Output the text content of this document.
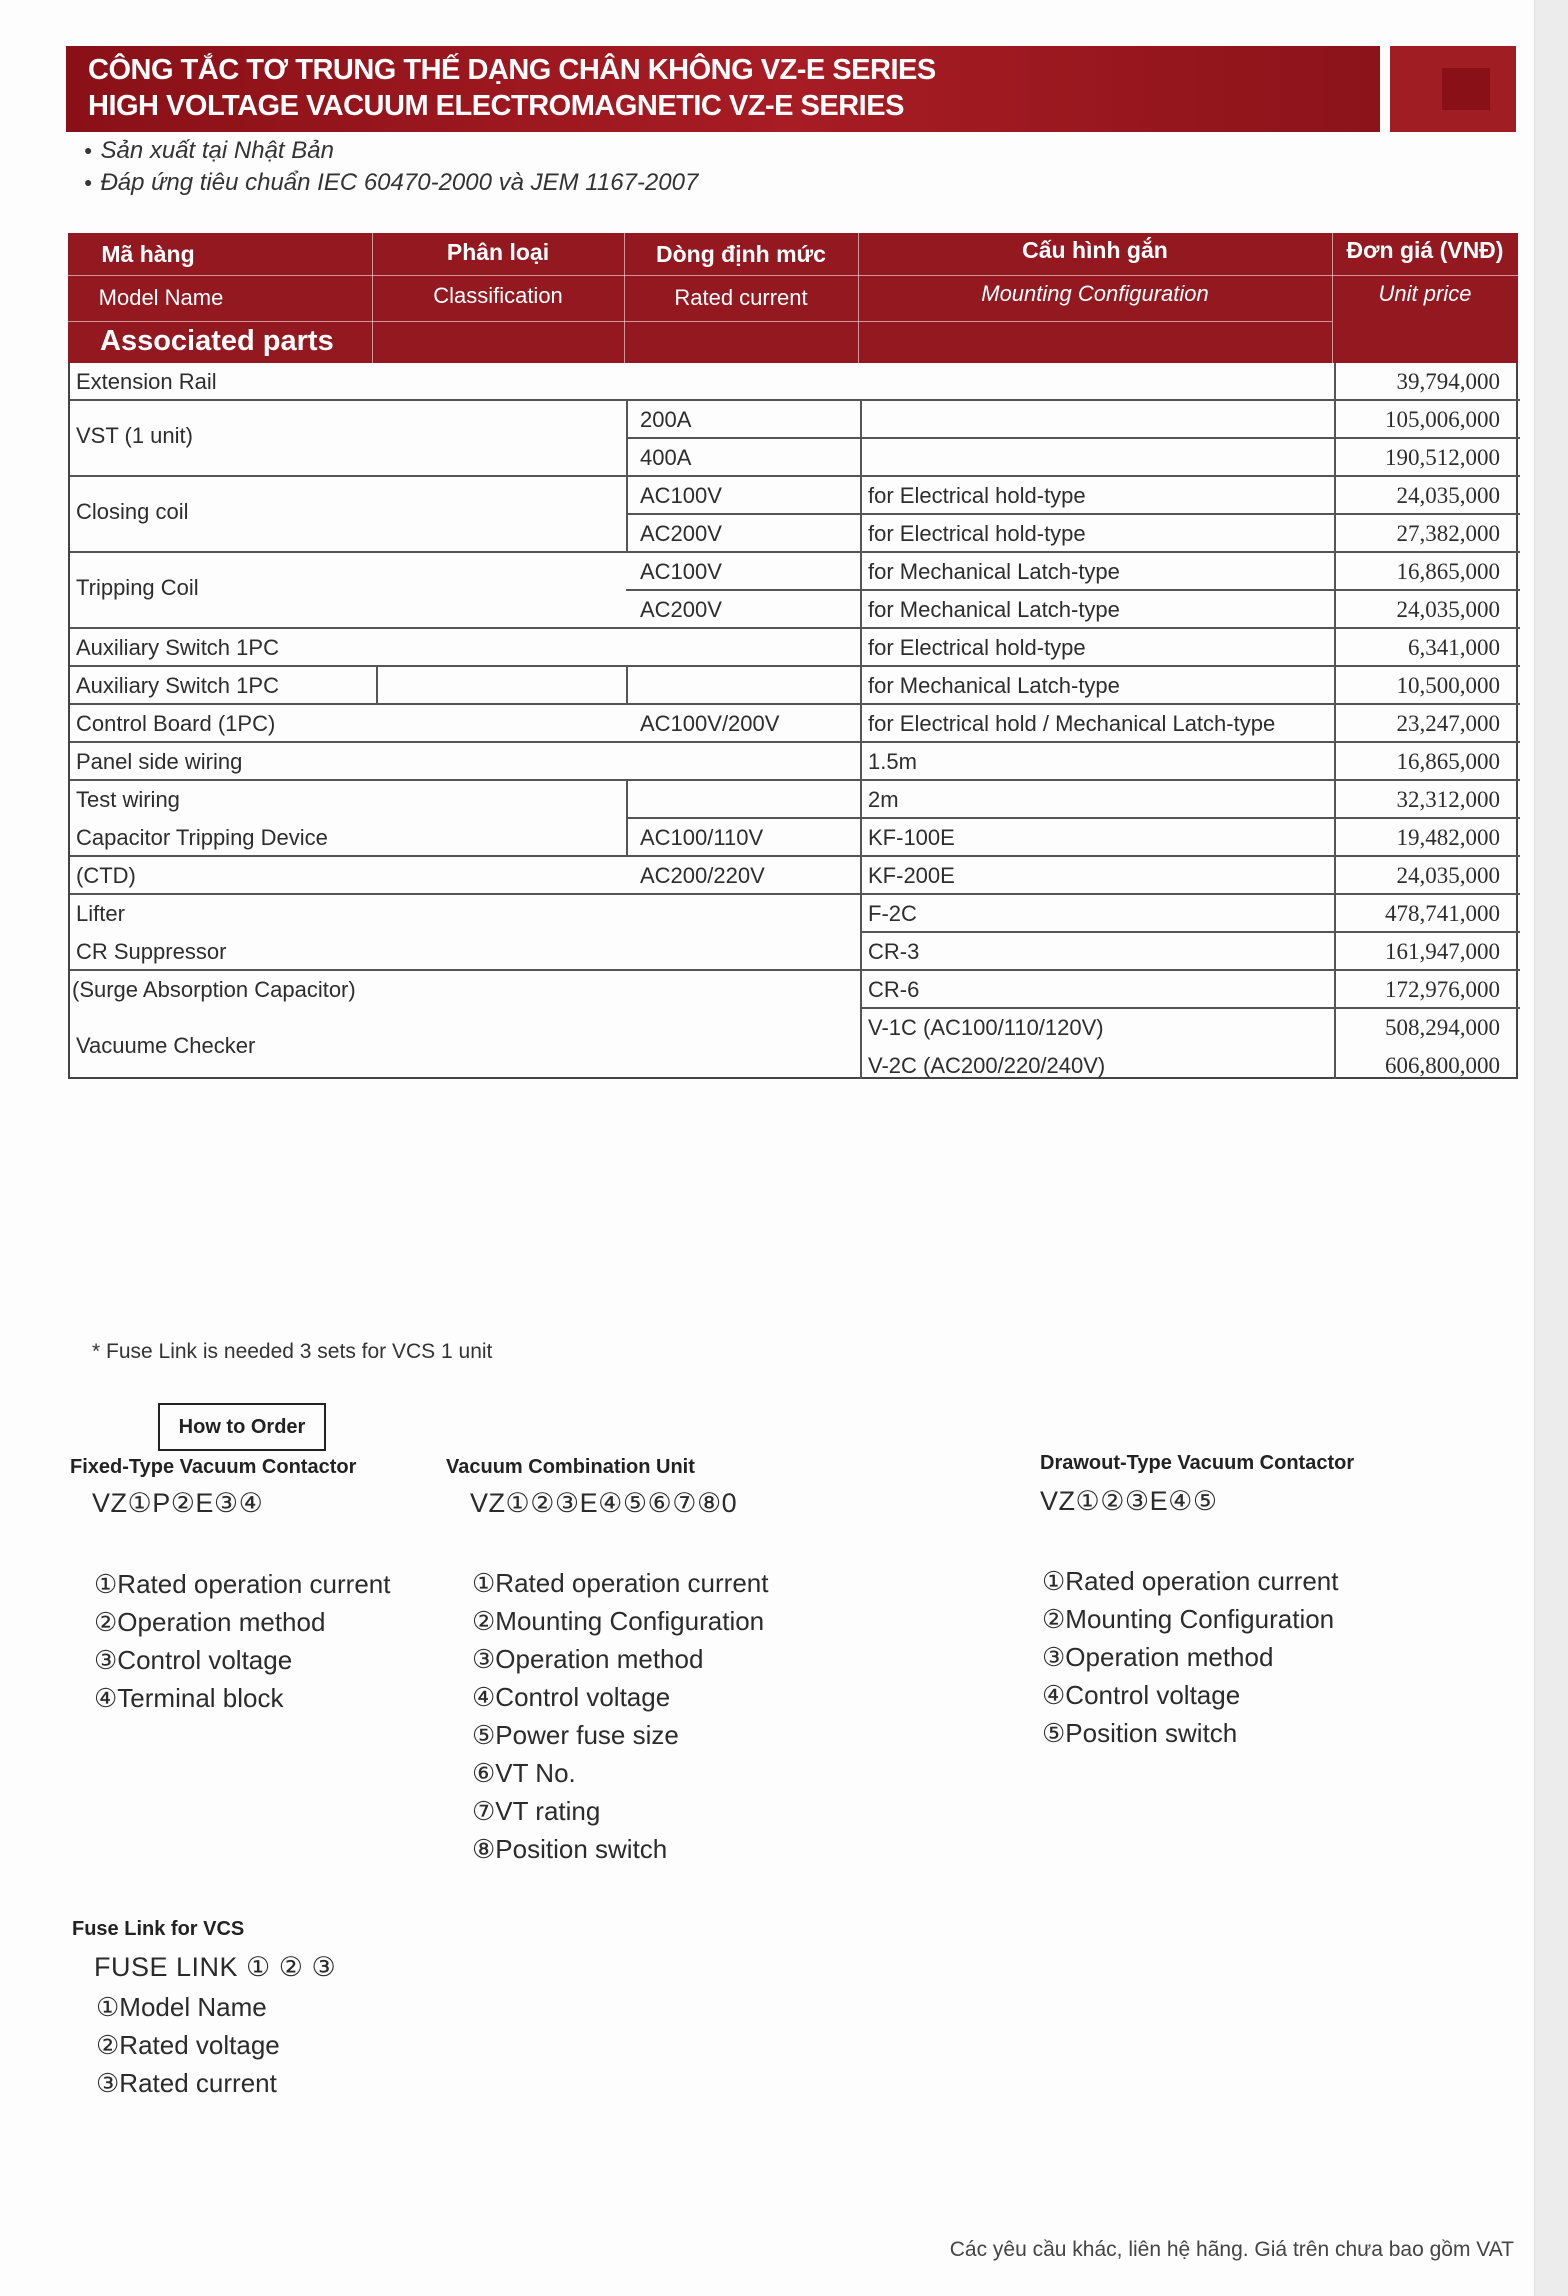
CÔNG TẮC TƠ TRUNG THẾ DẠNG CHÂN KHÔNG VZ-E SERIES
HIGH VOLTAGE VACUUM ELECTROMAGNETIC VZ-E SERIES
● Sản xuất tại Nhật Bản
● Đáp ứng tiêu chuẩn IEC 60470-2000 và JEM 1167-2007
Mã hàng
Model Name
Phân loại
Classification
Dòng định mức
Rated current
Cấu hình gắn
Mounting Configuration
Đơn giá (VNĐ)
Unit price
Associated parts
Extension Rail
VST (1 unit)
Closing coil
Tripping Coil
Auxiliary Switch 1PC
Auxiliary Switch 1PC
Control Board (1PC)
Panel side wiring
Test wiring
Capacitor Tripping Device
(CTD)
Lifter
CR Suppressor
(Surge Absorption Capacitor)
Vacuume Checker
200A
400A
AC100V
AC200V
AC100V
AC200V
AC100V/200V
AC100/110V
AC200/220V
for Electrical hold-type
for Electrical hold-type
for Mechanical Latch-type
for Mechanical Latch-type
for Electrical hold-type
for Mechanical Latch-type
for Electrical hold / Mechanical Latch-type
1.5m
2m
KF-100E
KF-200E
F-2C
CR-3
CR-6
V-1C (AC100/110/120V)
V-2C (AC200/220/240V)
39,794,000
105,006,000
190,512,000
24,035,000
27,382,000
16,865,000
24,035,000
6,341,000
10,500,000
23,247,000
16,865,000
32,312,000
19,482,000
24,035,000
478,741,000
161,947,000
172,976,000
508,294,000
606,800,000
* Fuse Link is needed 3 sets for VCS 1 unit
How to Order
Fixed-Type Vacuum Contactor
VZ①P②E③④
①Rated operation current
②Operation method
③Control voltage
④Terminal block
Vacuum Combination Unit
VZ①②③E④⑤⑥⑦⑧0
①Rated operation current
②Mounting Configuration
③Operation method
④Control voltage
⑤Power fuse size
⑥VT No.
⑦VT rating
⑧Position switch
Drawout-Type Vacuum Contactor
VZ①②③E④⑤
①Rated operation current
②Mounting Configuration
③Operation method
④Control voltage
⑤Position switch
Fuse Link for VCS
FUSE LINK ① ② ③
①Model Name
②Rated voltage
③Rated current
Các yêu cầu khác, liên hệ hãng. Giá trên chưa bao gồm VAT
